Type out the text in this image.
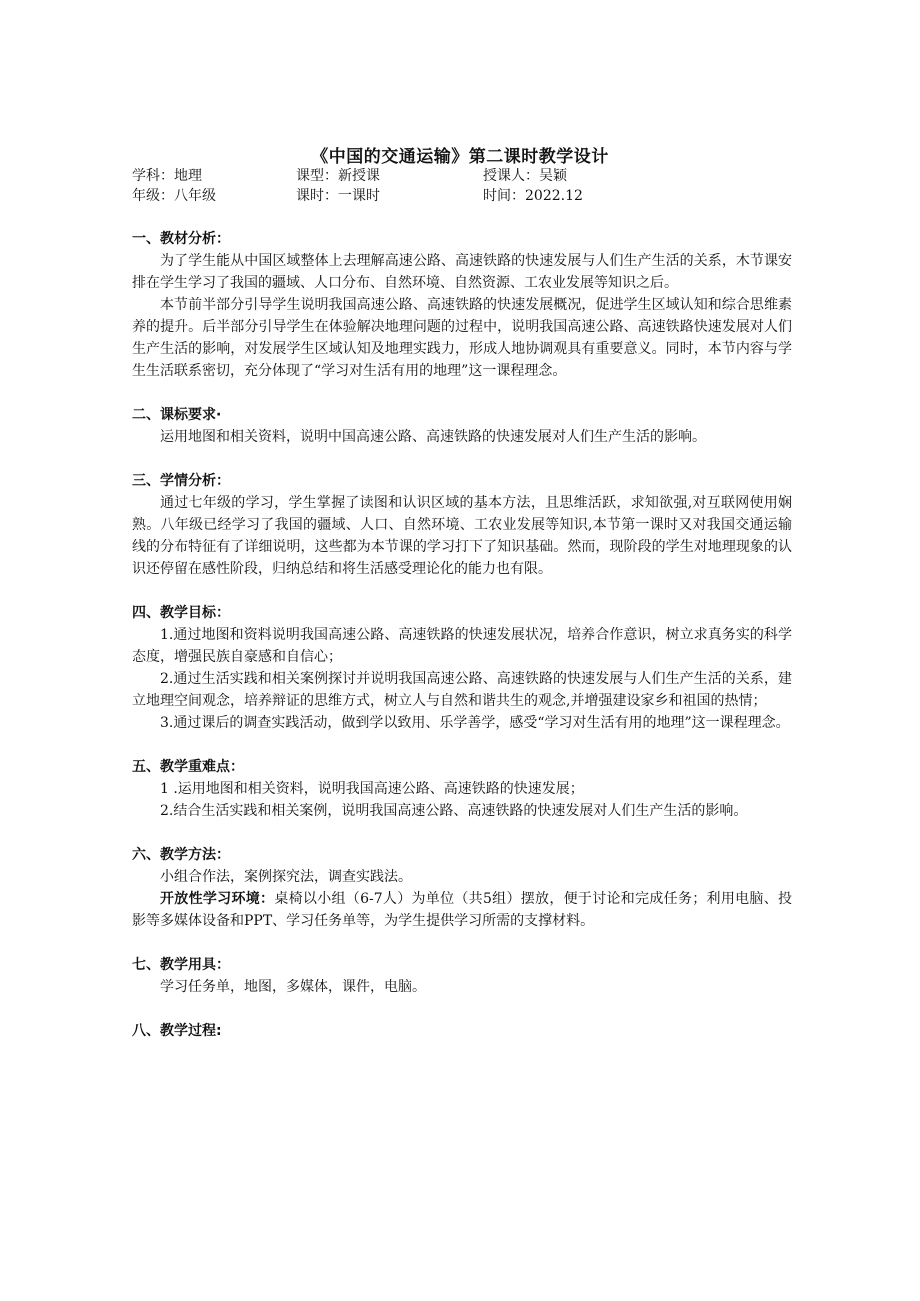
《中国的交通运输》第二课时教学设计
学科：地理	课型：新授课	授课人：吴颖
年级：八年级	课时：一课时	时间：2022.12

一、教材分析：

为了学生能从中国区域整体上去理解高速公路、高速铁路的快速发展与人们生产生活的关系，木节课安排在学生学习了我国的疆域、人口分布、自然环境、自然资源、工农业发展等知识之后。

本节前半部分引导学生说明我国高速公路、高速铁路的快速发展概况，促进学生区域认知和综合思维素养的提升。后半部分引导学生在体验解决地理问题的过程中，说明我国高速公路、高速铁路快速发展对人们生产生活的影响，对发展学生区域认知及地理实践力，形成人地协调观具有重要意义。同时，本节内容与学生生活联系密切，充分体现了“学习对生活有用的地理”这一课程理念。

二、课标要求·

运用地图和相关资料，说明中国高速公路、高速铁路的快速发展对人们生产生活的影响。

三、学情分析：

通过七年级的学习，学生掌握了读图和认识区域的基本方法，且思维活跃，求知欲强,对互联网使用娴熟。八年级已经学习了我国的疆域、人口、自然环境、工农业发展等知识,本节第一课时又对我国交通运输线的分布特征有了详细说明，这些都为本节课的学习打下了知识基础。然而，现阶段的学生对地理现象的认识还停留在感性阶段，归纳总结和将生活感受理论化的能力也有限。

四、教学目标：

1.通过地图和资料说明我国高速公路、高速铁路的快速发展状况，培养合作意识，树立求真务实的科学态度，增强民族自豪感和自信心；

2.通过生活实践和相关案例探讨并说明我国高速公路、高速铁路的快速发展与人们生产生活的关系，建立地理空间观念，培养辩证的思维方式，树立人与自然和谐共生的观念,并增强建设家乡和祖国的热情；

3.通过课后的调查实践活动，做到学以致用、乐学善学，感受“学习对生活有用的地理”这一课程理念。

五、教学重难点：

1 .运用地图和相关资料，说明我国高速公路、高速铁路的快速发展；

2.结合生活实践和相关案例，说明我国高速公路、高速铁路的快速发展对人们生产生活的影响。

六、教学方法：

小组合作法，案例探究法，调查实践法。

开放性学习环境：桌椅以小组（6-7人）为单位（共5组）摆放，便于讨论和完成任务；利用电脑、投影等多媒体设备和PPT、学习任务单等，为学生提供学习所需的支撑材料。

七、教学用具：

学习任务单，地图，多媒体，课件，电脑。

八、教学过程:
